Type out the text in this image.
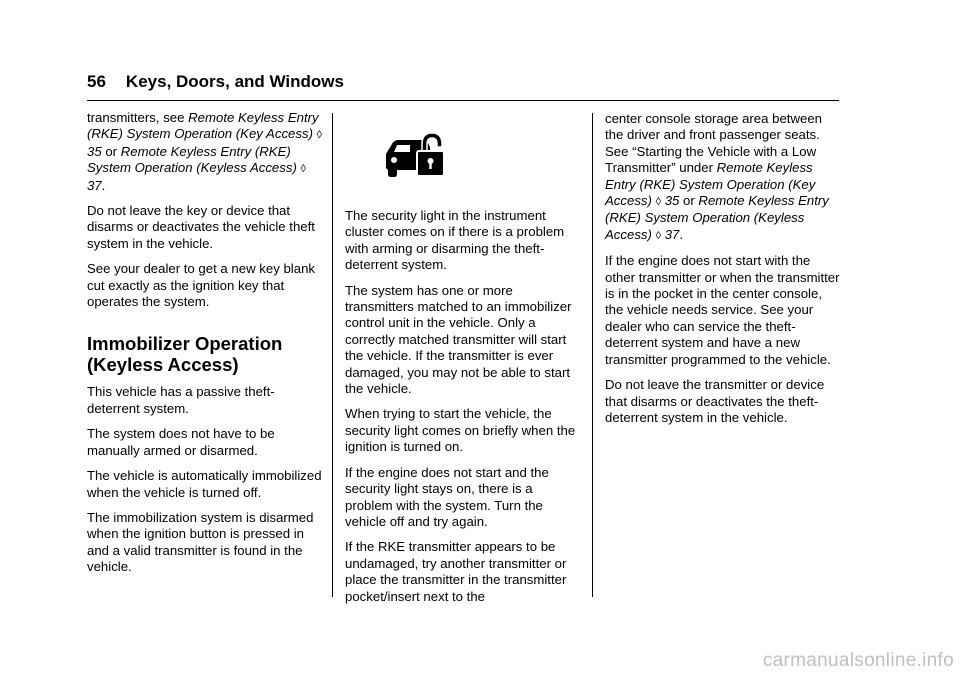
56 Keys, Doors, and Windows

transmitters, see Remote Keyless Entry (RKE) System Operation (Key Access) ◊ 35 or Remote Keyless Entry (RKE) System Operation (Keyless Access) ◊ 37.

Do not leave the key or device that disarms or deactivates the vehicle theft system in the vehicle.

See your dealer to get a new key blank cut exactly as the ignition key that operates the system.

Immobilizer Operation (Keyless Access)

This vehicle has a passive theft-deterrent system.

The system does not have to be manually armed or disarmed.

The vehicle is automatically immobilized when the vehicle is turned off.

The immobilization system is disarmed when the ignition button is pressed in and a valid transmitter is found in the vehicle.

The security light in the instrument cluster comes on if there is a problem with arming or disarming the theft-deterrent system.

The system has one or more transmitters matched to an immobilizer control unit in the vehicle. Only a correctly matched transmitter will start the vehicle. If the transmitter is ever damaged, you may not be able to start the vehicle.

When trying to start the vehicle, the security light comes on briefly when the ignition is turned on.

If the engine does not start and the security light stays on, there is a problem with the system. Turn the vehicle off and try again.

If the RKE transmitter appears to be undamaged, try another transmitter or place the transmitter in the transmitter pocket/insert next to the

center console storage area between the driver and front passenger seats. See “Starting the Vehicle with a Low Transmitter” under Remote Keyless Entry (RKE) System Operation (Key Access) ◊ 35 or Remote Keyless Entry (RKE) System Operation (Keyless Access) ◊ 37.

If the engine does not start with the other transmitter or when the transmitter is in the pocket in the center console, the vehicle needs service. See your dealer who can service the theft-deterrent system and have a new transmitter programmed to the vehicle.

Do not leave the transmitter or device that disarms or deactivates the theft-deterrent system in the vehicle.

carmanualsonline.info
